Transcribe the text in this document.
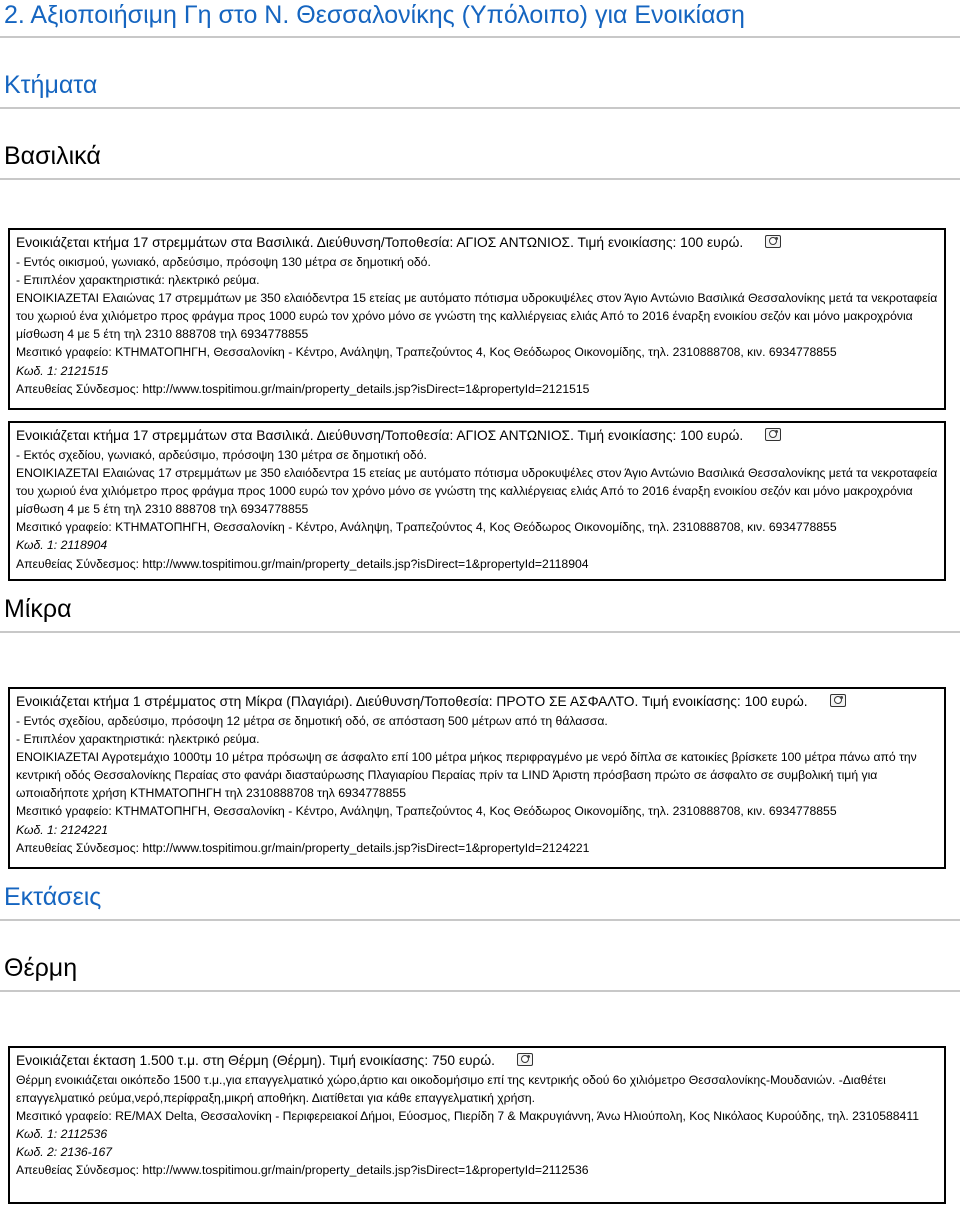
2. Αξιοποιήσιμη Γη στο Ν. Θεσσαλονίκης (Υπόλοιπο) για Ενοικίαση
Κτήματα
Βασιλικά
Ενοικιάζεται κτήμα 17 στρεμμάτων στα Βασιλικά. Διεύθυνση/Τοποθεσία: ΑΓΙΟΣ ΑΝΤΩΝΙΟΣ. Τιμή ενοικίασης: 100 ευρώ.
- Εντός οικισμού, γωνιακό, αρδεύσιμο, πρόσοψη 130 μέτρα σε δημοτική οδό.
- Επιπλέον χαρακτηριστικά: ηλεκτρικό ρεύμα.
ΕΝΟΙΚΙΑΖΕΤΑΙ Ελαιώνας 17 στρεμμάτων με 350 ελαιόδεντρα 15 ετείας με αυτόματο πότισμα υδροκυψέλες στον Άγιο Αντώνιο Βασιλικά Θεσσαλονίκης μετά τα νεκροταφεία του χωριού ένα χιλιόμετρο προς φράγμα προς 1000 ευρώ τον χρόνο μόνο σε γνώστη της καλλιέργειας ελιάς Από το 2016 έναρξη ενοικίου σεζόν και μόνο μακροχρόνια μίσθωση 4 με 5 έτη τηλ 2310 888708 τηλ 6934778855
Μεσιτικό γραφείο: ΚΤΗΜΑΤΟΠΗΓΗ, Θεσσαλονίκη - Κέντρο, Ανάληψη, Τραπεζούντος 4, Κος Θεόδωρος Οικονομίδης, τηλ. 2310888708, κιν. 6934778855
Κωδ. 1: 2121515
Απευθείας Σύνδεσμος: http://www.tospitimou.gr/main/property_details.jsp?isDirect=1&propertyId=2121515
Ενοικιάζεται κτήμα 17 στρεμμάτων στα Βασιλικά. Διεύθυνση/Τοποθεσία: ΑΓΙΟΣ ΑΝΤΩΝΙΟΣ. Τιμή ενοικίασης: 100 ευρώ.
- Εκτός σχεδίου, γωνιακό, αρδεύσιμο, πρόσοψη 130 μέτρα σε δημοτική οδό.
ΕΝΟΙΚΙΑΖΕΤΑΙ Ελαιώνας 17 στρεμμάτων με 350 ελαιόδεντρα 15 ετείας με αυτόματο πότισμα υδροκυψέλες στον Άγιο Αντώνιο Βασιλικά Θεσσαλονίκης μετά τα νεκροταφεία του χωριού ένα χιλιόμετρο προς φράγμα προς 1000 ευρώ τον χρόνο μόνο σε γνώστη της καλλιέργειας ελιάς Από το 2016 έναρξη ενοικίου σεζόν και μόνο μακροχρόνια μίσθωση 4 με 5 έτη τηλ 2310 888708 τηλ 6934778855
Μεσιτικό γραφείο: ΚΤΗΜΑΤΟΠΗΓΗ, Θεσσαλονίκη - Κέντρο, Ανάληψη, Τραπεζούντος 4, Κος Θεόδωρος Οικονομίδης, τηλ. 2310888708, κιν. 6934778855
Κωδ. 1: 2118904
Απευθείας Σύνδεσμος: http://www.tospitimou.gr/main/property_details.jsp?isDirect=1&propertyId=2118904
Μίκρα
Ενοικιάζεται κτήμα 1 στρέμματος στη Μίκρα (Πλαγιάρι). Διεύθυνση/Τοποθεσία: ΠΡΟΤΟ ΣΕ ΑΣΦΑΛΤΟ. Τιμή ενοικίασης: 100 ευρώ.
- Εντός σχεδίου, αρδεύσιμο, πρόσοψη 12 μέτρα σε δημοτική οδό, σε απόσταση 500 μέτρων από τη θάλασσα.
- Επιπλέον χαρακτηριστικά: ηλεκτρικό ρεύμα.
ΕΝΟΙΚΙΑΖΕΤΑΙ Αγροτεμάχιο 1000τμ 10 μέτρα πρόσωψη σε άσφαλτο επί 100 μέτρα μήκος περιφραγμένο με νερό δίπλα σε κατοικίες βρίσκετε 100 μέτρα πάνω από την κεντρική οδός Θεσσαλονίκης Περαίας στο φανάρι διασταύρωσης Πλαγιαρίου Περαίας πρίν τα LIND Άριστη πρόσβαση πρώτο σε άσφαλτο σε συμβολική τιμή για ωποιαδήποτε χρήση ΚΤΗΜΑΤΟΠΗΓΗ τηλ 2310888708 τηλ 6934778855
Μεσιτικό γραφείο: ΚΤΗΜΑΤΟΠΗΓΗ, Θεσσαλονίκη - Κέντρο, Ανάληψη, Τραπεζούντος 4, Κος Θεόδωρος Οικονομίδης, τηλ. 2310888708, κιν. 6934778855
Κωδ. 1: 2124221
Απευθείας Σύνδεσμος: http://www.tospitimou.gr/main/property_details.jsp?isDirect=1&propertyId=2124221
Εκτάσεις
Θέρμη
Ενοικιάζεται έκταση 1.500 τ.μ. στη Θέρμη (Θέρμη). Τιμή ενοικίασης: 750 ευρώ.
Θέρμη ενοικιάζεται οικόπεδο 1500 τ.μ.,για επαγγελματικό χώρο,άρτιο και οικοδομήσιμο επί της κεντρικής οδού 6ο χιλιόμετρο Θεσσαλονίκης-Μουδανιών. -Διαθέτει επαγγελματικό ρεύμα,νερό,περίφραξη,μικρή αποθήκη. Διατίθεται για κάθε επαγγελματική χρήση.
Μεσιτικό γραφείο: RE/MAX Delta, Θεσσαλονίκη - Περιφερειακοί Δήμοι, Εύοσμος, Πιερίδη 7 & Μακρυγιάννη, Άνω Ηλιούπολη, Κος Νικόλαος Κυρούδης, τηλ. 2310588411
Κωδ. 1: 2112536
Κωδ. 2: 2136-167
Απευθείας Σύνδεσμος: http://www.tospitimou.gr/main/property_details.jsp?isDirect=1&propertyId=2112536
